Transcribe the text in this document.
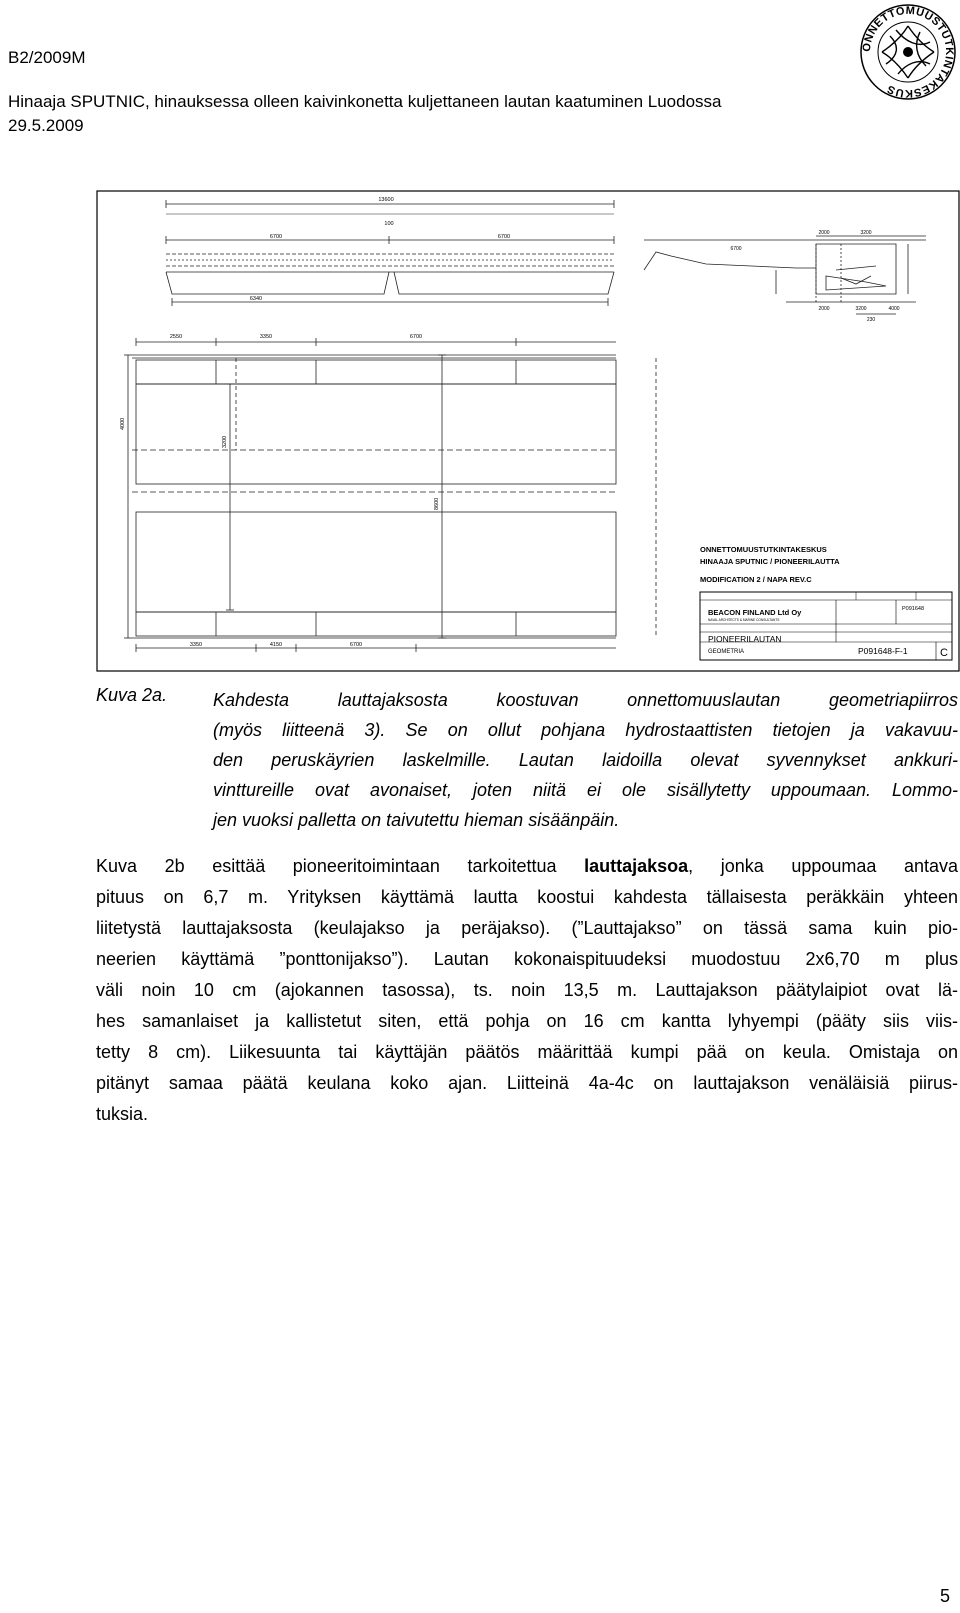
B2/2009M
Hinaaja SPUTNIC, hinauksessa olleen kaivinkonetta kuljettaneen lautan kaatuminen Luodossa
29.5.2009
ONNETTOMUUSTUTKINTAKESKUS
13600
100
6700	6700
6340
2000	3200
6700
2000	3200	4000
230
2550	3350	6700
4000
3200
8600
3350	4150	6700
ONNETTOMUUSTUTKINTAKESKUS
HINAAJA SPUTNIC / PIONEERILAUTTA
MODIFICATION 2 / NAPA REV.C
BEACON FINLAND Ltd Oy
NAVAL ARCHITECTS & MARINE CONSULTANTS
P091648
PIONEERILAUTAN
GEOMETRIA	P091648-F-1	C
Kuva 2a.	Kahdesta lauttajaksosta koostuvan onnettomuuslautan geometriapiirros
(myös liitteenä 3). Se on ollut pohjana hydrostaattisten tietojen ja vakavuu-
den peruskäyrien laskelmille. Lautan laidoilla olevat syvennykset ankkuri-
vinttureille ovat avonaiset, joten niitä ei ole sisällytetty uppoumaan. Lommo-
jen vuoksi palletta on taivutettu hieman sisäänpäin.
Kuva 2b esittää pioneeritoimintaan tarkoitettua lauttajaksoa, jonka uppoumaa antava
pituus on 6,7 m. Yrityksen käyttämä lautta koostui kahdesta tällaisesta peräkkäin yhteen
liitetystä lauttajaksosta (keulajakso ja peräjakso). (”Lauttajakso” on tässä sama kuin pio-
neerien käyttämä ”ponttonijakso”). Lautan kokonaispituudeksi muodostuu 2x6,70 m plus
väli noin 10 cm (ajokannen tasossa), ts. noin 13,5 m. Lauttajakson päätylaipiot ovat lä-
hes samanlaiset ja kallistetut siten, että pohja on 16 cm kantta lyhyempi (pääty siis viis-
tetty 8 cm). Liikesuunta tai käyttäjän päätös määrittää kumpi pää on keula. Omistaja on
pitänyt samaa päätä keulana koko ajan. Liitteinä 4a-4c on lauttajakson venäläisiä piirus-
tuksia.
5
